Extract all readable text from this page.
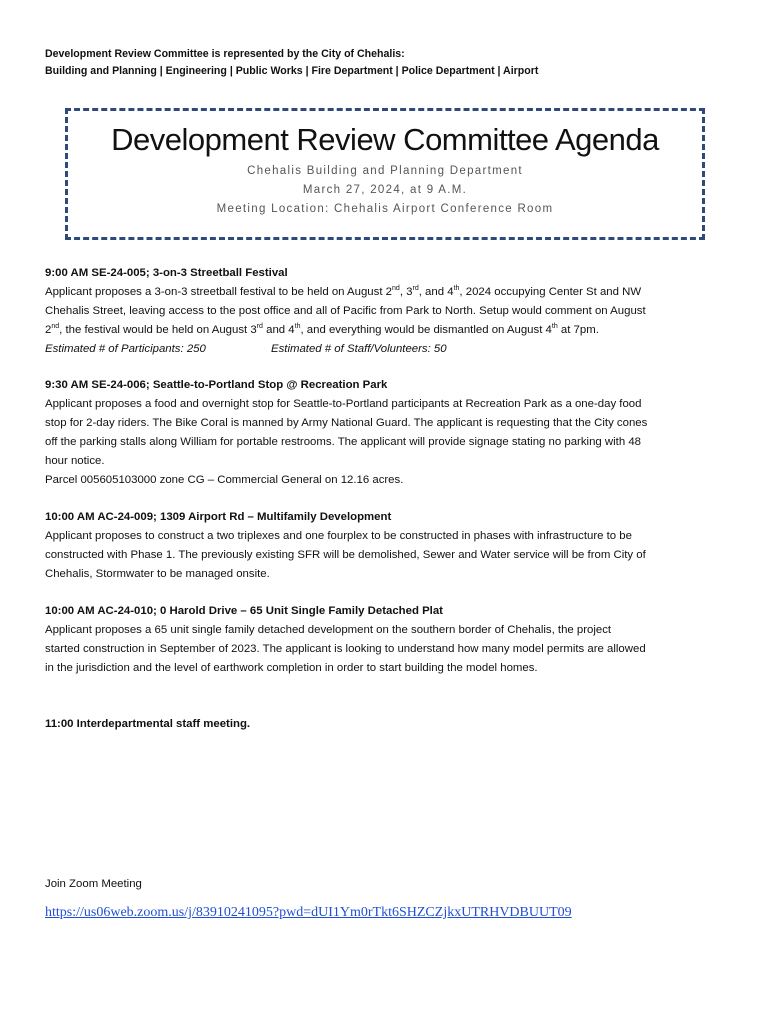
Development Review Committee is represented by the City of Chehalis:
Building and Planning | Engineering | Public Works | Fire Department | Police Department | Airport
Development Review Committee Agenda
Chehalis Building and Planning Department
March 27, 2024, at 9 A.M.
Meeting Location: Chehalis Airport Conference Room
9:00 AM SE-24-005; 3-on-3 Streetball Festival
Applicant proposes a 3-on-3 streetball festival to be held on August 2nd, 3rd, and 4th, 2024 occupying Center St and NW
Chehalis Street, leaving access to the post office and all of Pacific from Park to North. Setup would comment on August
2nd, the festival would be held on August 3rd and 4th, and everything would be dismantled on August 4th at 7pm.
Estimated # of Participants: 250	Estimated # of Staff/Volunteers: 50
9:30 AM SE-24-006; Seattle-to-Portland Stop @ Recreation Park
Applicant proposes a food and overnight stop for Seattle-to-Portland participants at Recreation Park as a one-day food
stop for 2-day riders. The Bike Coral is manned by Army National Guard. The applicant is requesting that the City cones
off the parking stalls along William for portable restrooms. The applicant will provide signage stating no parking with 48
hour notice.
Parcel 005605103000 zone CG – Commercial General on 12.16 acres.
10:00 AM AC-24-009; 1309 Airport Rd – Multifamily Development
Applicant proposes to construct a two triplexes and one fourplex to be constructed in phases with infrastructure to be
constructed with Phase 1. The previously existing SFR will be demolished, Sewer and Water service will be from City of
Chehalis, Stormwater to be managed onsite.
10:00 AM AC-24-010; 0 Harold Drive – 65 Unit Single Family Detached Plat
Applicant proposes a 65 unit single family detached development on the southern border of Chehalis, the project
started construction in September of 2023. The applicant is looking to understand how many model permits are allowed
in the jurisdiction and the level of earthwork completion in order to start building the model homes.
11:00 Interdepartmental staff meeting.
Join Zoom Meeting
https://us06web.zoom.us/j/83910241095?pwd=dUI1Ym0rTkt6SHZCZjkxUTRHVDBUUT09
